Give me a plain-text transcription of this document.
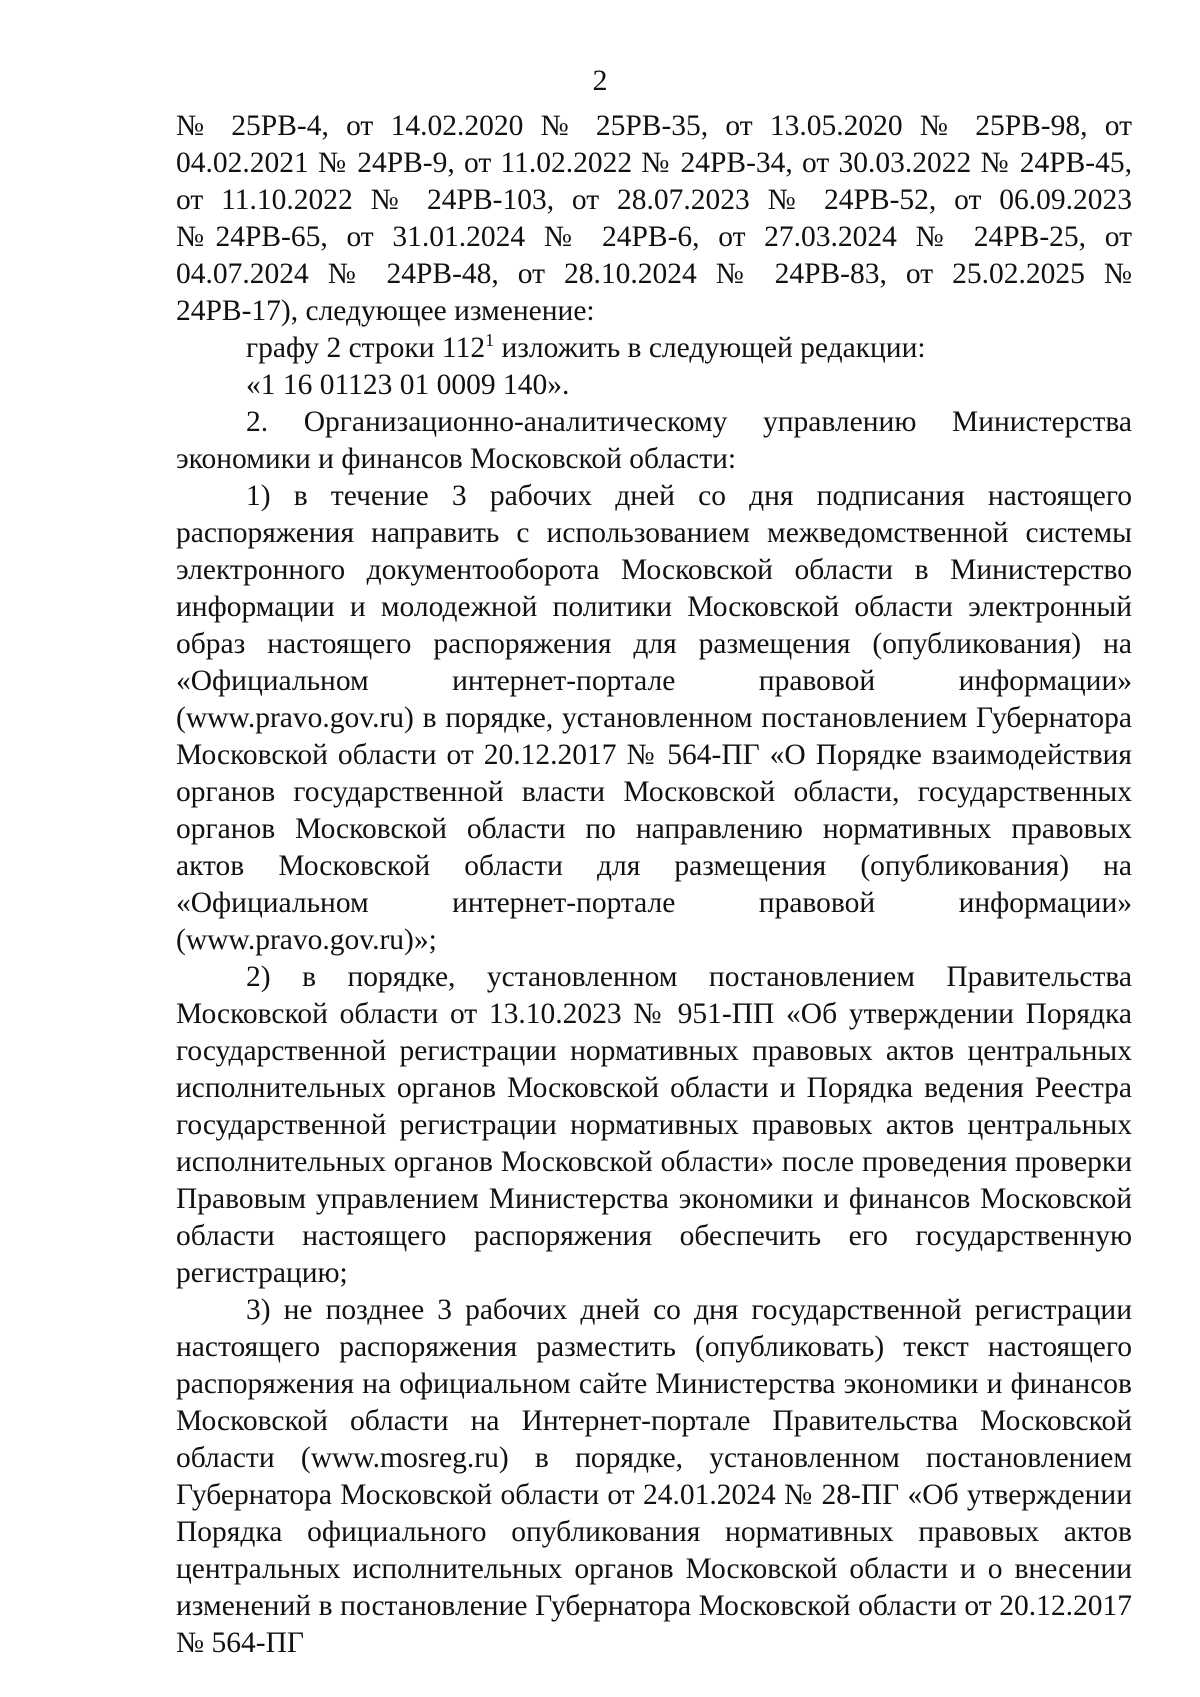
2

№ 25РВ-4, от 14.02.2020 № 25РВ-35, от 13.05.2020 № 25РВ-98, от 04.02.2021 № 24РВ-9, от 11.02.2022 № 24РВ-34, от 30.03.2022 № 24РВ-45, от 11.10.2022 № 24РВ-103, от 28.07.2023 № 24РВ-52, от 06.09.2023 №24РВ-65, от 31.01.2024 № 24РВ-6, от 27.03.2024 № 24РВ-25, от 04.07.2024 № 24РВ-48, от 28.10.2024 № 24РВ-83, от 25.02.2025 № 24РВ-17), следующее изменение:

графу 2 строки $112^1$ изложить в следующей редакции:

«1 16 01123 01 0009 140».

2. Организационно-аналитическому управлению Министерства экономики и финансов Московской области:

1) в течение 3 рабочих дней со дня подписания настоящего распоряжения направить с использованием межведомственной системы электронного документооборота Московской области в Министерство информации и молодежной политики Московской области электронный образ настоящего распоряжения для размещения (опубликования) на «Официальном интернет-портале правовой информации» (www.pravo.gov.ru) в порядке, установленном постановлением Губернатора Московской области от 20.12.2017 № 564-ПГ «О Порядке взаимодействия органов государственной власти Московской области, государственных органов Московской области по направлению нормативных правовых актов Московской области для размещения (опубликования) на «Официальном интернет-портале правовой информации» (www.pravo.gov.ru)»;

2) в порядке, установленном постановлением Правительства Московской области от 13.10.2023 № 951-ПП «Об утверждении Порядка государственной регистрации нормативных правовых актов центральных исполнительных органов Московской области и Порядка ведения Реестра государственной регистрации нормативных правовых актов центральных исполнительных органов Московской области» после проведения проверки Правовым управлением Министерства экономики и финансов Московской области настоящего распоряжения обеспечить его государственную регистрацию;

3) не позднее 3 рабочих дней со дня государственной регистрации настоящего распоряжения разместить (опубликовать) текст настоящего распоряжения на официальном сайте Министерства экономики и финансов Московской области на Интернет-портале Правительства Московской области (www.mosreg.ru) в порядке, установленном постановлением Губернатора Московской области от 24.01.2024 № 28-ПГ «Об утверждении Порядка официального опубликования нормативных правовых актов центральных исполнительных органов Московской области и о внесении изменений в постановление Губернатора Московской области от 20.12.2017 № 564-ПГ
